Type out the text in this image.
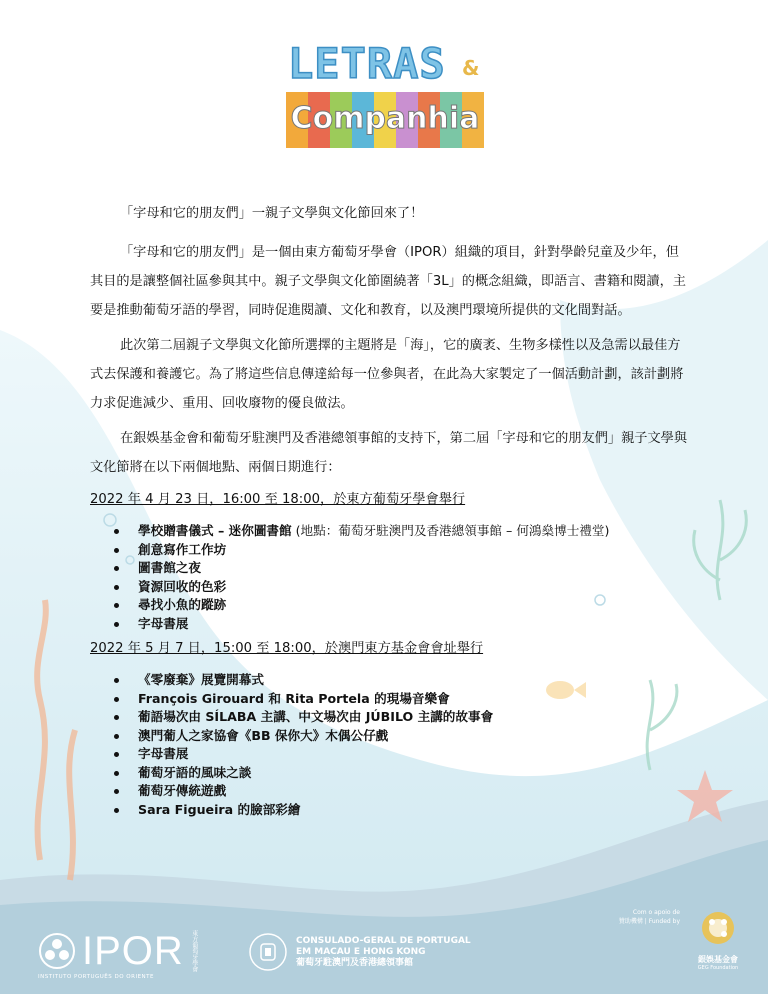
LETRAS &
Companhia

「字母和它的朋友們」一親子文學與文化節回來了！

「字母和它的朋友們」是一個由東方葡萄牙學會（IPOR）組織的項目，針對學齡兒童及少年，但其目的是讓整個社區參與其中。親子文學與文化節圍繞著「3L」的概念組織，即語言、書籍和閱讀，主要是推動葡萄牙語的學習，同時促進閱讀、文化和教育，以及澳門環境所提供的文化間對話。

此次第二屆親子文學與文化節所選擇的主題將是「海」，它的廣袤、生物多樣性以及急需以最佳方式去保護和養護它。為了將這些信息傳達給每一位參與者，在此為大家製定了一個活動計劃，該計劃將力求促進減少、重用、回收廢物的優良做法。

在銀娛基金會和葡萄牙駐澳門及香港總領事館的支持下，第二屆「字母和它的朋友們」親子文學與文化節將在以下兩個地點、兩個日期進行：

2022 年 4 月 23 日，16:00 至 18:00，於東方葡萄牙學會舉行
學校贈書儀式 – 迷你圖書館 (地點：葡萄牙駐澳門及香港總領事館 – 何鴻燊博士禮堂)
創意寫作工作坊
圖書館之夜
資源回收的色彩
尋找小魚的蹤跡
字母書展
2022 年 5 月 7 日，15:00 至 18:00，於澳門東方基金會會址舉行
《零廢棄》展覽開幕式
François Girouard 和 Rita Portela 的現場音樂會
葡語場次由 SÍLABA 主講、中文場次由 JÚBILO 主講的故事會
澳門葡人之家協會《BB 保你大》木偶公仔戲
字母書展
葡萄牙語的風味之談
葡萄牙傳統遊戲
Sara Figueira 的臉部彩繪
IPOR 東方葡萄牙學會
INSTITUTO PORTUGUÊS DO ORIENTE
CONSULADO-GERAL DE PORTUGAL
EM MACAU E HONG KONG
葡萄牙駐澳門及香港總領事館
Com o apoio de
贊助機構 | Funded by
銀娛基金會
GEG Foundation
